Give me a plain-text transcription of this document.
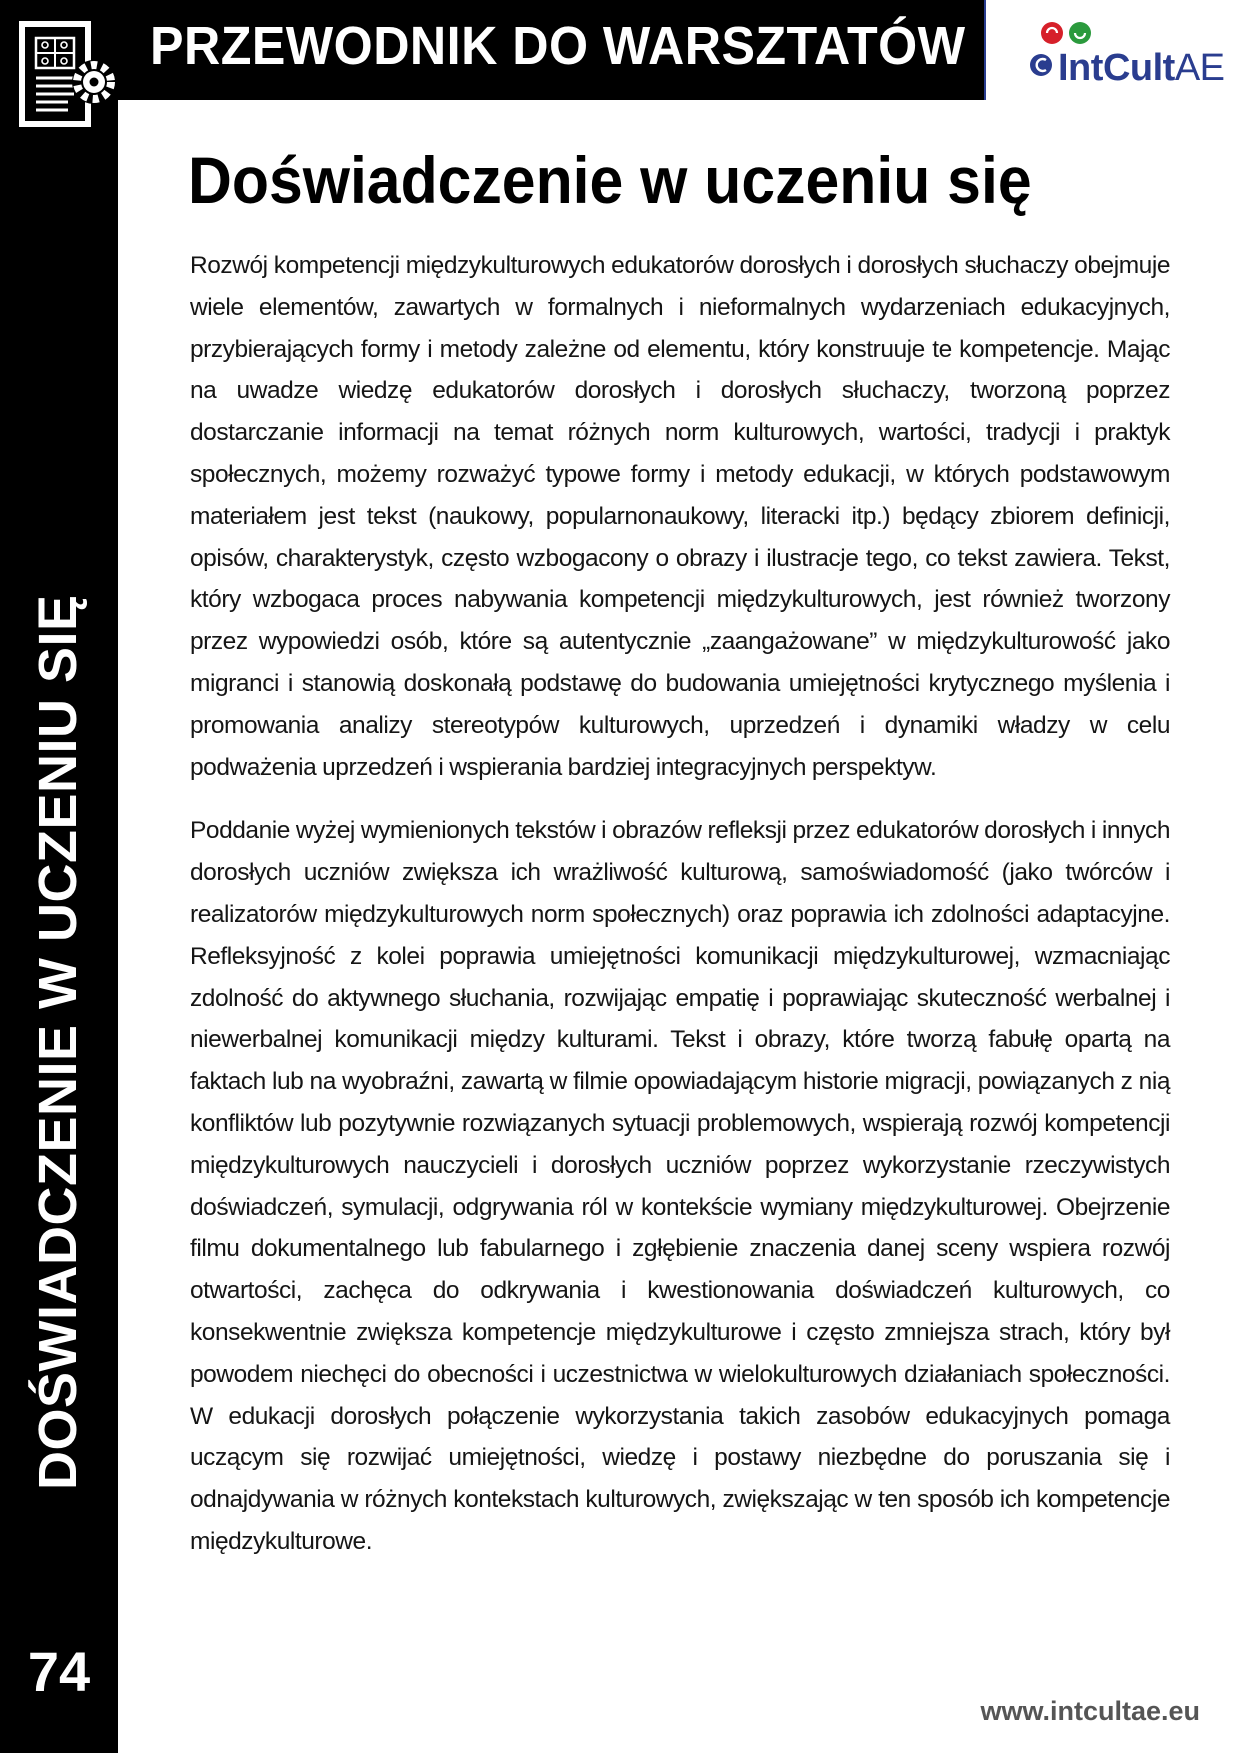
PRZEWODNIK DO WARSZTATÓW IntCultAE
Doświadczenie w uczeniu się

Rozwój kompetencji międzykulturowych edukatorów dorosłych i dorosłych słuchaczy obejmuje wiele elementów, zawartych w formalnych i nieformalnych wydarzeniach edukacyjnych, przybierających formy i metody zależne od elementu, który konstruuje te kompetencje. Mając na uwadze wiedzę edukatorów dorosłych i dorosłych słuchaczy, tworzoną poprzez dostarczanie informacji na temat różnych norm kulturowych, wartości, tradycji i praktyk społecznych, możemy rozważyć typowe formy i metody edukacji, w których podstawowym materiałem jest tekst (naukowy, popularnonaukowy, literacki itp.) będący zbiorem definicji, opisów, charakterystyk, często wzbogacony o obrazy i ilustracje tego, co tekst zawiera. Tekst, który wzbogaca proces nabywania kompetencji międzykulturowych, jest również tworzony przez wypowiedzi osób, które są autentycznie „zaangażowane” w międzykulturowość jako migranci i stanowią doskonałą podstawę do budowania umiejętności krytycznego myślenia i promowania analizy stereotypów kulturowych, uprzedzeń i dynamiki władzy w celu podważenia uprzedzeń i wspierania bardziej integracyjnych perspektyw.

Poddanie wyżej wymienionych tekstów i obrazów refleksji przez edukatorów dorosłych i innych dorosłych uczniów zwiększa ich wrażliwość kulturową, samoświadomość (jako twórców i realizatorów międzykulturowych norm społecznych) oraz poprawia ich zdolności adaptacyjne. Refleksyjność z kolei poprawia umiejętności komunikacji międzykulturowej, wzmacniając zdolność do aktywnego słuchania, rozwijając empatię i poprawiając skuteczność werbalnej i niewerbalnej komunikacji między kulturami. Tekst i obrazy, które tworzą fabułę opartą na faktach lub na wyobraźni, zawartą w filmie opowiadającym historie migracji, powiązanych z nią konfliktów lub pozytywnie rozwiązanych sytuacji problemowych, wspierają rozwój kompetencji międzykulturowych nauczycieli i dorosłych uczniów poprzez wykorzystanie rzeczywistych doświadczeń, symulacji, odgrywania ról w kontekście wymiany międzykulturowej. Obejrzenie filmu dokumentalnego lub fabularnego i zgłębienie znaczenia danej sceny wspiera rozwój otwartości, zachęca do odkrywania i kwestionowania doświadczeń kulturowych, co konsekwentnie zwiększa kompetencje międzykulturowe i często zmniejsza strach, który był powodem niechęci do obecności i uczestnictwa w wielokulturowych działaniach społeczności. W edukacji dorosłych połączenie wykorzystania takich zasobów edukacyjnych pomaga uczącym się rozwijać umiejętności, wiedzę i postawy niezbędne do poruszania się i odnajdywania w różnych kontekstach kulturowych, zwiększając w ten sposób ich kompetencje międzykulturowe.

DOŚWIADCZENIE W UCZENIU SIĘ
74
www.intcultae.eu
